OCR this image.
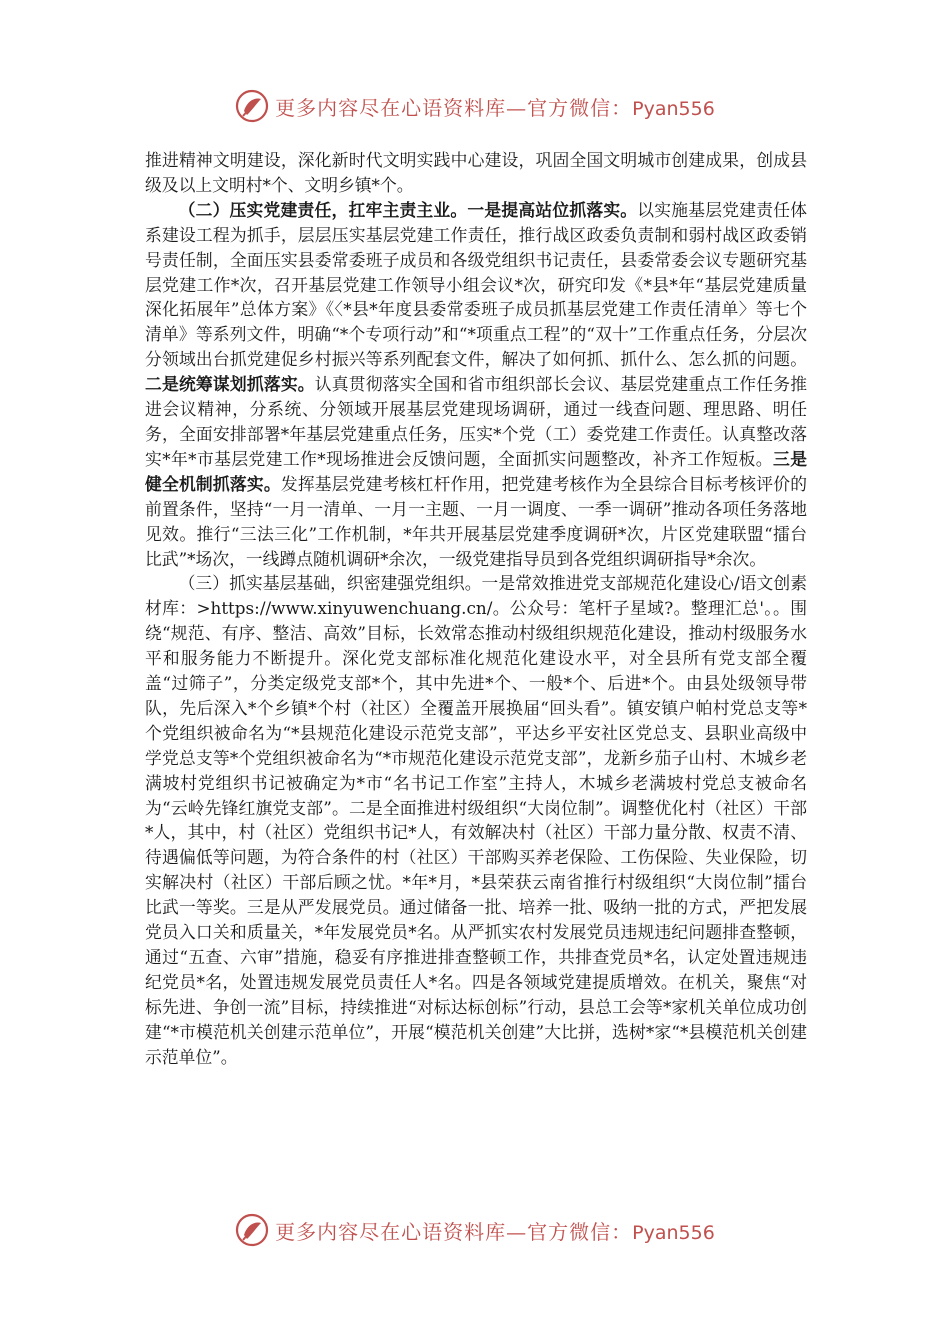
更多内容尽在心语资料库—官方微信：Pyan556

推进精神文明建设，深化新时代文明实践中心建设，巩固全国文明城市创建成果，创成县级及以上文明村*个、文明乡镇*个。

（二）压实党建责任，扛牢主责主业。一是提高站位抓落实。以实施基层党建责任体系建设工程为抓手，层层压实基层党建工作责任，推行战区政委负责制和弱村战区政委销号责任制，全面压实县委常委班子成员和各级党组织书记责任，县委常委会议专题研究基层党建工作*次，召开基层党建工作领导小组会议*次，研究印发《*县*年“基层党建质量深化拓展年”总体方案》《〈*县*年度县委常委班子成员抓基层党建工作责任清单〉等七个清单》等系列文件，明确“*个专项行动”和“*项重点工程”的“双十”工作重点任务，分层次分领域出台抓党建促乡村振兴等系列配套文件，解决了如何抓、抓什么、怎么抓的问题。二是统筹谋划抓落实。认真贯彻落实全国和省市组织部长会议、基层党建重点工作任务推进会议精神，分系统、分领域开展基层党建现场调研，通过一线查问题、理思路、明任务，全面安排部署*年基层党建重点任务，压实*个党（工）委党建工作责任。认真整改落实*年*市基层党建工作*现场推进会反馈问题，全面抓实问题整改，补齐工作短板。三是健全机制抓落实。发挥基层党建考核杠杆作用，把党建考核作为全县综合目标考核评价的前置条件，坚持“一月一清单、一月一主题、一月一调度、一季一调研”推动各项任务落地见效。推行“三法三化”工作机制，*年共开展基层党建季度调研*次，片区党建联盟“擂台比武”*场次，一线蹲点随机调研*余次，一级党建指导员到各党组织调研指导*余次。

（三）抓实基层基础，织密建强党组织。一是常效推进党支部规范化建设心/语文创素材库：>https://www.xinyuwenchuang.cn/。公众号：笔杆子星域?。整理汇总'。。围绕“规范、有序、整洁、高效”目标，长效常态推动村级组织规范化建设，推动村级服务水平和服务能力不断提升。深化党支部标准化规范化建设水平，对全县所有党支部全覆盖“过筛子”，分类定级党支部*个，其中先进*个、一般*个、后进*个。由县处级领导带队，先后深入*个乡镇*个村（社区）全覆盖开展换届“回头看”。镇安镇户帕村党总支等*个党组织被命名为“*县规范化建设示范党支部”，平达乡平安社区党总支、县职业高级中学党总支等*个党组织被命名为“*市规范化建设示范党支部”，龙新乡茄子山村、木城乡老满坡村党组织书记被确定为*市“名书记工作室”主持人，木城乡老满坡村党总支被命名为“云岭先锋红旗党支部”。二是全面推进村级组织“大岗位制”。调整优化村（社区）干部*人，其中，村（社区）党组织书记*人，有效解决村（社区）干部力量分散、权责不清、待遇偏低等问题，为符合条件的村（社区）干部购买养老保险、工伤保险、失业保险，切实解决村（社区）干部后顾之忧。*年*月，*县荣获云南省推行村级组织“大岗位制”擂台比武一等奖。三是从严发展党员。通过储备一批、培养一批、吸纳一批的方式，严把发展党员入口关和质量关，*年发展党员*名。从严抓实农村发展党员违规违纪问题排查整顿，通过“五查、六审”措施，稳妥有序推进排查整顿工作，共排查党员*名，认定处置违规违纪党员*名，处置违规发展党员责任人*名。四是各领域党建提质增效。在机关，聚焦“对标先进、争创一流”目标，持续推进“对标达标创标”行动，县总工会等*家机关单位成功创建“*市模范机关创建示范单位”，开展“模范机关创建”大比拼，选树*家“*县模范机关创建示范单位”。

更多内容尽在心语资料库—官方微信：Pyan556
